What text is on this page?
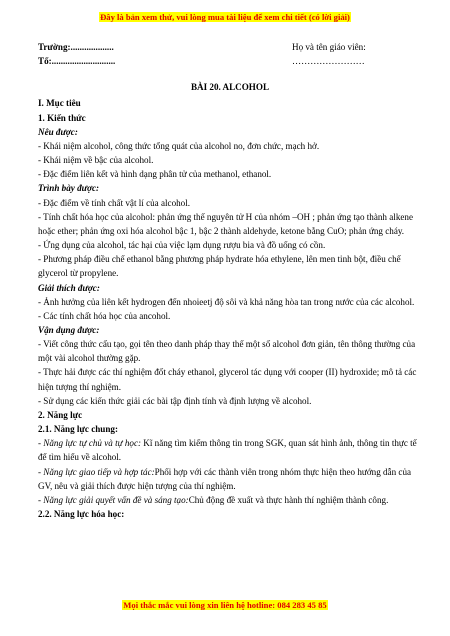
Đây là bản xem thử, vui lòng mua tài liệu để xem chi tiết (có lời giải)
Trường:...................	Họ và tên giáo viên:
Tổ:............................	……………………
BÀI 20. ALCOHOL

I. Mục tiêu

1. Kiến thức

Nêu được:

- Khái niệm alcohol, công thức tổng quát của alcohol no, đơn chức, mạch hở.

- Khái niệm về bậc của alcohol.

- Đặc điểm liên kết và hình dạng phân tử của methanol, ethanol.

Trình bày được:

- Đặc điểm về tính chất vật lí của alcohol.

- Tính chất hóa học của alcohol: phản ứng thế nguyên tử H của nhóm –OH ; phản ứng tạo thành alkene hoặc ether; phản ứng oxi hóa alcohol bậc 1, bậc 2 thành aldehyde, ketone bằng CuO; phản ứng cháy.

- Ứng dụng của alcohol, tác hại của việc lạm dụng rượu bia và đồ uống có cồn.

- Phương pháp điều chế ethanol bằng phương pháp hydrate hóa ethylene, lên men tinh bột, điều chế glycerol từ propylene.

Giải thích được:

- Ảnh hưởng của liên kết hydrogen đến nhoieetj độ sôi và khả năng hòa tan trong nước của các alcohol.

- Các tính chất hóa học của ancohol.

Vận dụng được:

- Viết công thức cấu tạo, gọi tên theo danh pháp thay thế một số alcohol đơn giản, tên thông thường của một vài alcohol thường gặp.

- Thực hải được các thí nghiệm đốt cháy ethanol, glycerol tác dụng với cooper (II) hydroxide; mô tả các hiện tượng thí nghiệm.

- Sử dụng các kiến thức giải các bài tập định tính và định lượng về alcohol.

2. Năng lực

2.1. Năng lực chung:

- Năng lực tự chủ và tự học: Kĩ năng tìm kiếm thông tin trong SGK, quan sát hình ảnh, thông tin thực tế để tìm hiểu về alcohol.

- Năng lực giao tiếp và hợp tác:Phối hợp với các thành viên trong nhóm thực hiện theo hướng dẫn của GV, nêu và giải thích được hiện tượng của thí nghiệm.

- Năng lực giải quyết vấn đề và sáng tạo:Chủ động đề xuất và thực hành thí nghiệm thành công.

2.2. Năng lực hóa học:

Mọi thắc mắc vui lòng xin liên hệ hotline: 084 283 45 85
